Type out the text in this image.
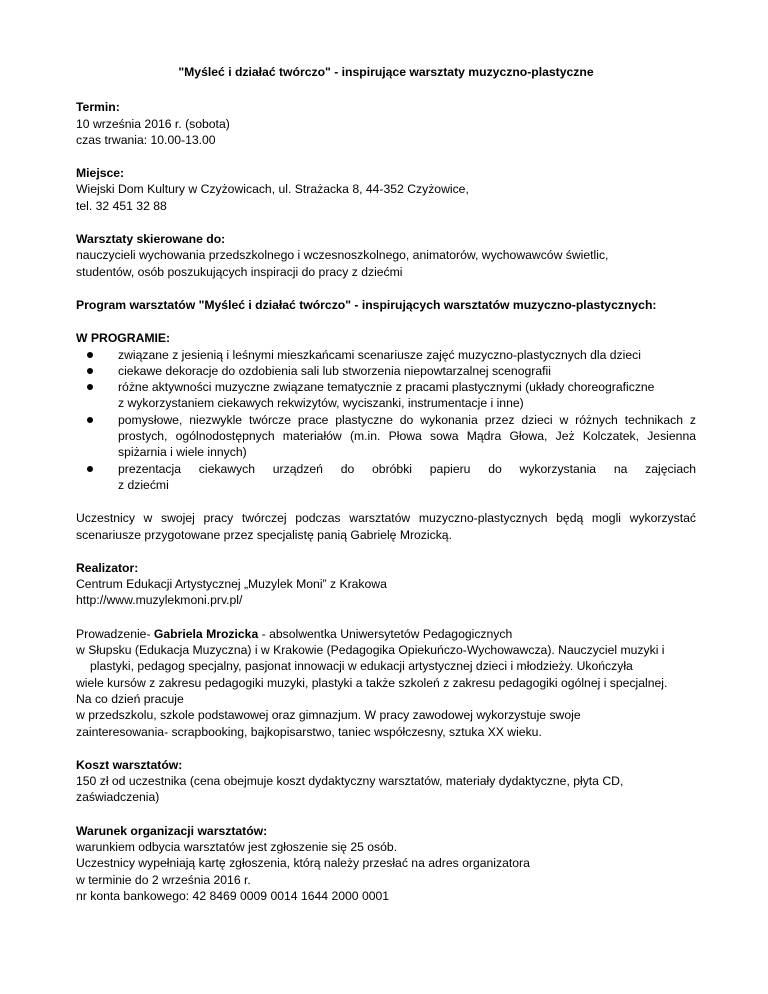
"Myśleć i działać twórczo" - inspirujące warsztaty muzyczno-plastyczne

Termin:

10 września 2016 r. (sobota)

czas trwania: 10.00-13.00

Miejsce:

Wiejski Dom Kultury w Czyżowicach, ul. Strażacka 8, 44-352 Czyżowice,

tel. 32 451 32 88

Warsztaty skierowane do:

nauczycieli wychowania przedszkolnego i wczesnoszkolnego, animatorów, wychowawców świetlic,

studentów, osób poszukujących inspiracji do pracy z dziećmi

Program warsztatów "Myśleć i działać twórczo" - inspirujących warsztatów muzyczno-plastycznych:

W PROGRAMIE:

związane z jesienią i leśnymi mieszkańcami scenariusze zajęć muzyczno-plastycznych dla dzieci
ciekawe dekoracje do ozdobienia sali lub stworzenia niepowtarzalnej scenografii
różne aktywności muzyczne związane tematycznie z pracami plastycznymi (układy choreograficzne
z wykorzystaniem ciekawych rekwizytów, wyciszanki, instrumentacje i inne)
pomysłowe, niezwykle twórcze prace plastyczne do wykonania przez dzieci w różnych technikach z
prostych, ogólnodostępnych materiałów (m.in. Płowa sowa Mądra Głowa, Jeż Kolczatek, Jesienna
spiżarnia i wiele innych)
prezentacja ciekawych urządzeń do obróbki papieru do wykorzystania na zajęciach
z dziećmi

Uczestnicy w swojej pracy twórczej podczas warsztatów muzyczno-plastycznych będą mogli wykorzystać

scenariusze przygotowane przez specjalistę panią Gabrielę Mrozicką.

Realizator:

Centrum Edukacji Artystycznej „Muzylek Moni” z Krakowa

http://www.muzylekmoni.prv.pl/

Prowadzenie- Gabriela Mrozicka - absolwentka Uniwersytetów Pedagogicznych

w Słupsku (Edukacja Muzyczna) i w Krakowie (Pedagogika Opiekuńczo-Wychowawcza). Nauczyciel muzyki i

plastyki, pedagog specjalny, pasjonat innowacji w edukacji artystycznej dzieci i młodzieży. Ukończyła

wiele kursów z zakresu pedagogiki muzyki, plastyki a także szkoleń z zakresu pedagogiki ogólnej i specjalnej.

Na co dzień pracuje

w przedszkolu, szkole podstawowej oraz gimnazjum. W pracy zawodowej wykorzystuje swoje

zainteresowania- scrapbooking, bajkopisarstwo, taniec współczesny, sztuka XX wieku.

Koszt warsztatów:

150 zł od uczestnika (cena obejmuje koszt dydaktyczny warsztatów, materiały dydaktyczne, płyta CD,

zaświadczenia)

Warunek organizacji warsztatów:

warunkiem odbycia warsztatów jest zgłoszenie się 25 osób.

Uczestnicy wypełniają kartę zgłoszenia, którą należy przesłać na adres organizatora

w terminie do 2 września 2016 r.

nr konta bankowego: 42 8469 0009 0014 1644 2000 0001
